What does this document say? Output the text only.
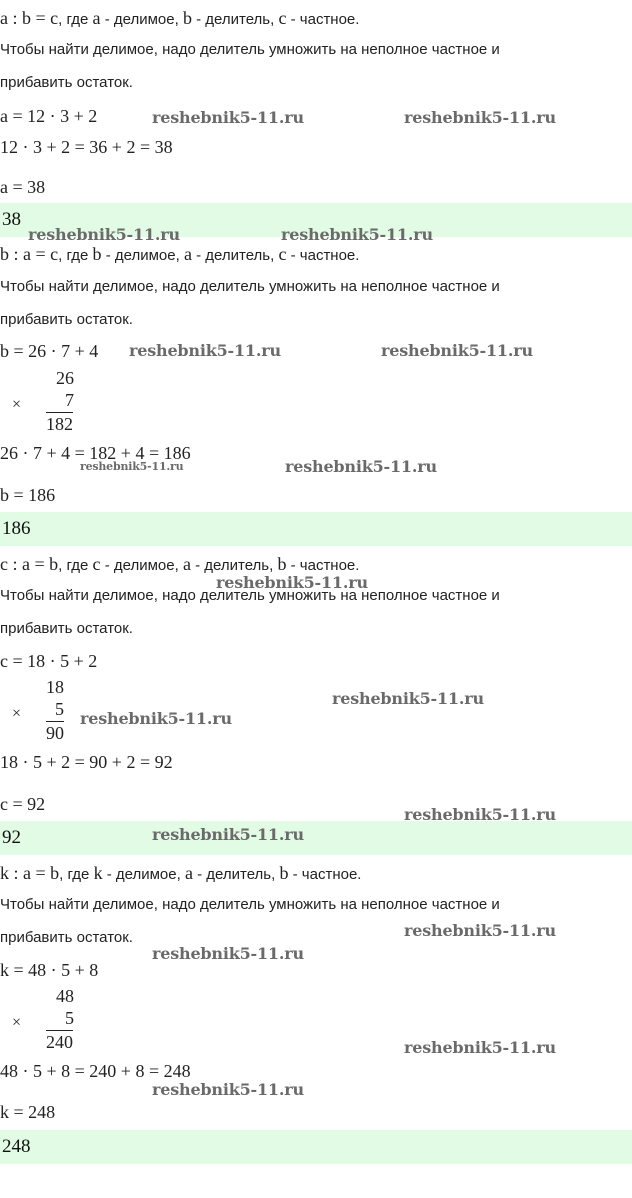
a : b = c, где a - делимое, b - делитель, c - частное.
Чтобы найти делимое, надо делитель умножить на неполное частное и
прибавить остаток.
a = 12 · 3 + 2
12 · 3 + 2 = 36 + 2 = 38
a = 38
38
b : a = c, где b - делимое, a - делитель, c - частное.
Чтобы найти делимое, надо делитель умножить на неполное частное и
прибавить остаток.
b = 26 · 7 + 4
26
× 7
182
26 · 7 + 4 = 182 + 4 = 186
b = 186
186
c : a = b, где c - делимое, a - делитель, b - частное.
Чтобы найти делимое, надо делитель умножить на неполное частное и
прибавить остаток.
c = 18 · 5 + 2
18
× 5
90
18 · 5 + 2 = 90 + 2 = 92
c = 92
92
k : a = b, где k - делимое, a - делитель, b - частное.
Чтобы найти делимое, надо делитель умножить на неполное частное и
прибавить остаток.
k = 48 · 5 + 8
48
× 5
240
48 · 5 + 8 = 240 + 8 = 248
k = 248
248
reshebnik5-11.ru	reshebnik5-11.ru
reshebnik5-11.ru	reshebnik5-11.ru
reshebnik5-11.ru	reshebnik5-11.ru
reshebnik5-11.ru	reshebnik5-11.ru
reshebnik5-11.ru
reshebnik5-11.ru
reshebnik5-11.ru
reshebnik5-11.ru
reshebnik5-11.ru
reshebnik5-11.ru
reshebnik5-11.ru
reshebnik5-11.ru
reshebnik5-11.ru
